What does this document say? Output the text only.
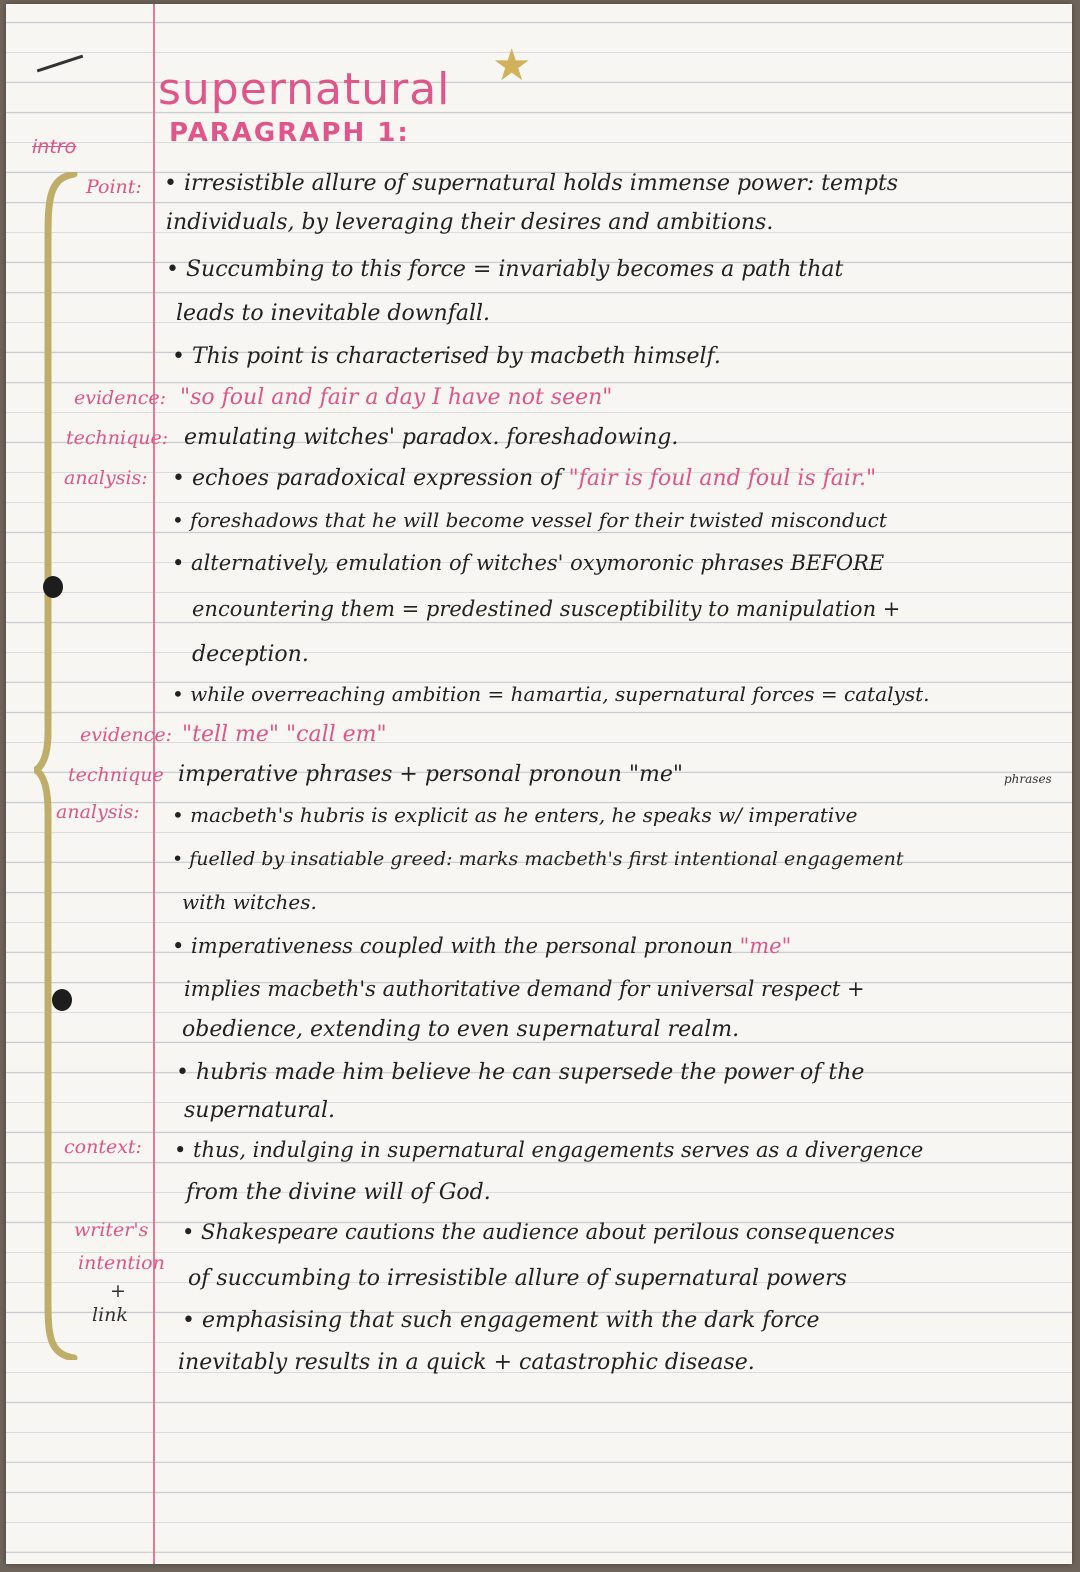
supernatural ★
PARAGRAPH 1:
intro
Point:
evidence:
technique:
analysis:
evidence:
technique
analysis:
context:
writer's
intention
+
link
• irresistible allure of supernatural holds immense power: tempts
individuals, by leveraging their desires and ambitions.
• Succumbing to this force = invariably becomes a path that
leads to inevitable downfall.
• This point is characterised by macbeth himself.
"so foul and fair a day I have not seen"
emulating witches' paradox. foreshadowing.
• echoes paradoxical expression of "fair is foul and foul is fair."
• foreshadows that he will become vessel for their twisted misconduct
• alternatively, emulation of witches' oxymoronic phrases BEFORE
encountering them = predestined susceptibility to manipulation +
deception.
• while overreaching ambition = hamartia, supernatural forces = catalyst.
"tell me" "call em"
imperative phrases + personal pronoun "me"	phrases
• macbeth's hubris is explicit as he enters, he speaks w/ imperative
• fuelled by insatiable greed: marks macbeth's first intentional engagement
with witches.
• imperativeness coupled with the personal pronoun "me"
implies macbeth's authoritative demand for universal respect +
obedience, extending to even supernatural realm.
• hubris made him believe he can supersede the power of the
supernatural.
• thus, indulging in supernatural engagements serves as a divergence
from the divine will of God.
• Shakespeare cautions the audience about perilous consequences
of succumbing to irresistible allure of supernatural powers
• emphasising that such engagement with the dark force
inevitably results in a quick + catastrophic disease.
